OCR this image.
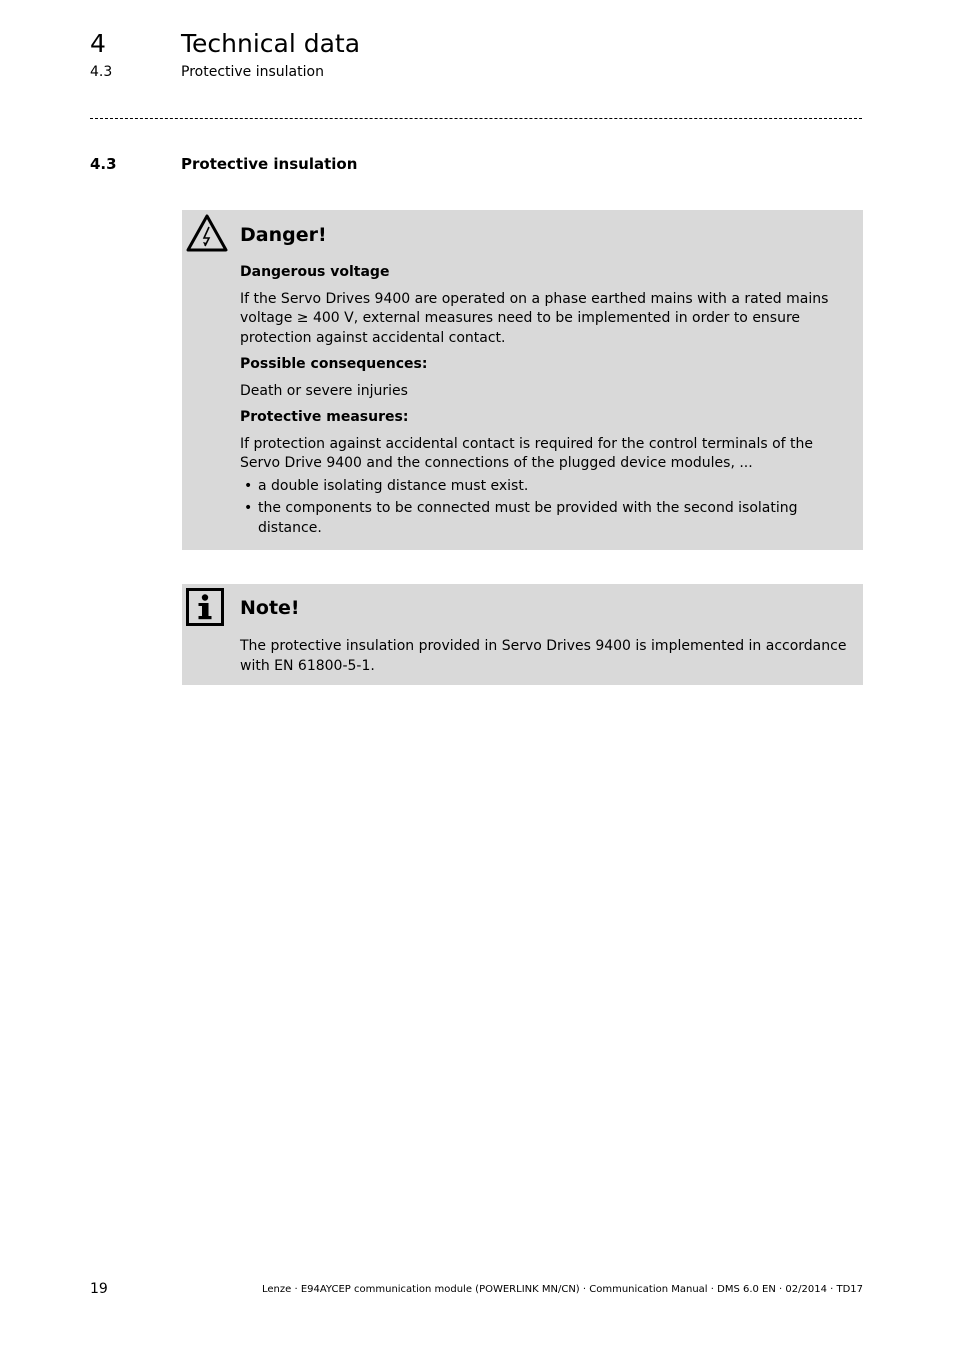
4	Technical data
4.3	Protective insulation
4.3	Protective insulation
Danger!

Dangerous voltage

If the Servo Drives 9400 are operated on a phase earthed mains with a rated mains voltage ≥ 400 V, external measures need to be implemented in order to ensure protection against accidental contact.

Possible consequences:

Death or severe injuries

Protective measures:

If protection against accidental contact is required for the control terminals of the Servo Drive 9400 and the connections of the plugged device modules, ...

• a double isolating distance must exist.
• the components to be connected must be provided with the second isolating distance.
Note!
The protective insulation provided in Servo Drives 9400 is implemented in accordance with EN 61800-5-1.
19	Lenze · E94AYCEP communication module (POWERLINK MN/CN) · Communication Manual · DMS 6.0 EN · 02/2014 · TD17
